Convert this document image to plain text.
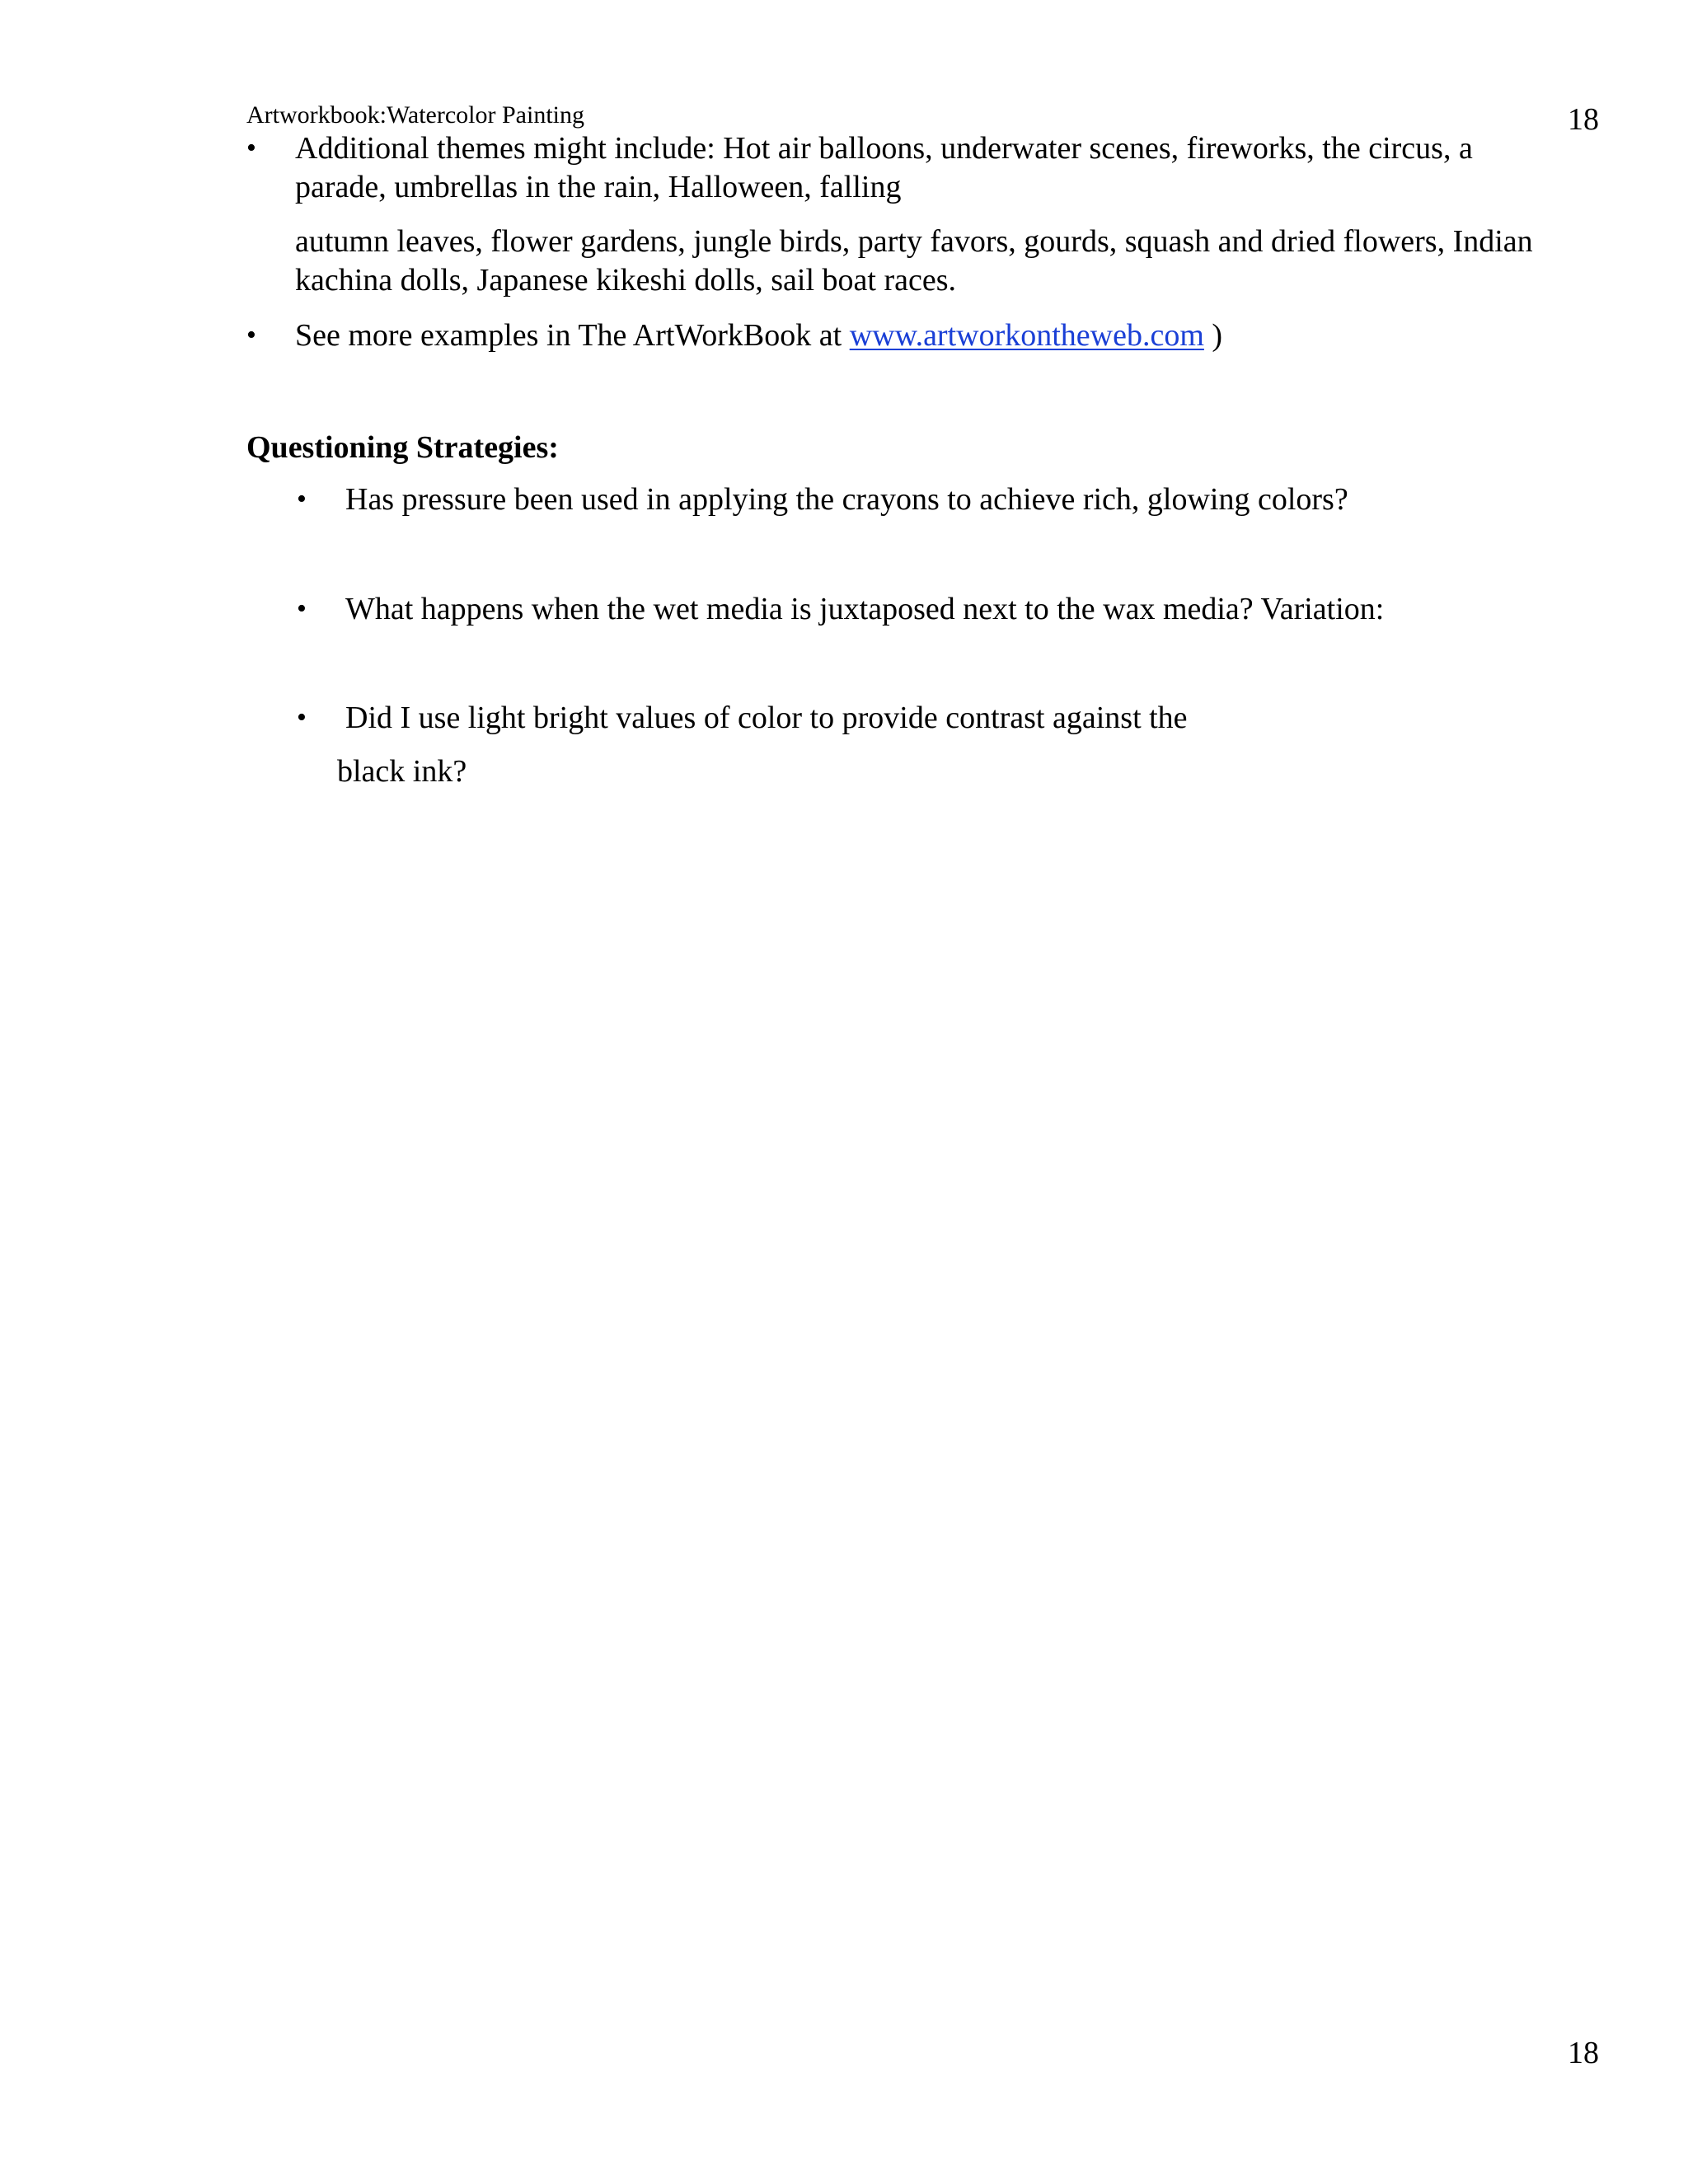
Artworkbook:Watercolor Painting	18
• Additional themes might include: Hot air balloons, underwater scenes, fireworks, the circus, a
parade, umbrellas in the rain, Halloween, falling
autumn leaves, flower gardens, jungle birds, party favors, gourds, squash and dried flowers, Indian
kachina dolls, Japanese kikeshi dolls, sail boat races.
• See more examples in The ArtWorkBook at www.artworkontheweb.com )
Questioning Strategies:
• Has pressure been used in applying the crayons to achieve rich, glowing colors?
• What happens when the wet media is juxtaposed next to the wax media? Variation:
• Did I use light bright values of color to provide contrast against the
black ink?
18
